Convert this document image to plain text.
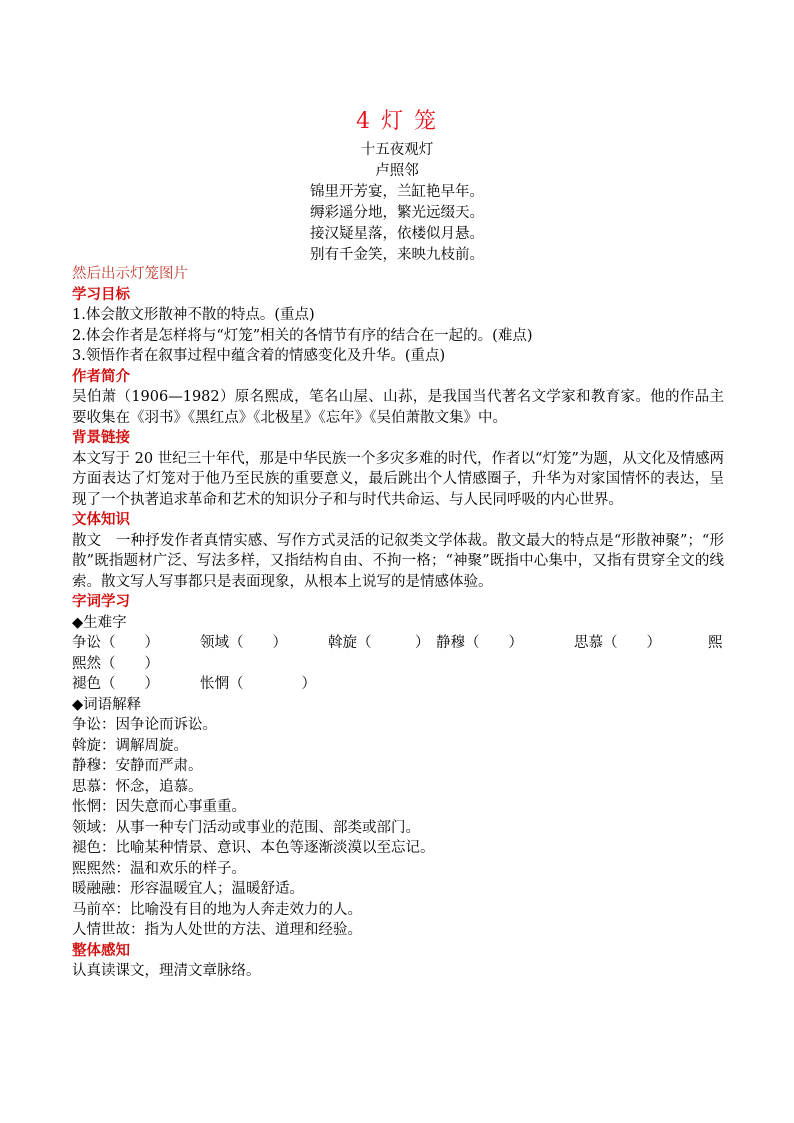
4 灯 笼
十五夜观灯
卢照邻
锦里开芳宴，兰缸艳早年。
缛彩遥分地，繁光远缀天。
接汉疑星落，依楼似月悬。
别有千金笑，来映九枝前。
然后出示灯笼图片
学习目标
1.体会散文形散神不散的特点。(重点)
2.体会作者是怎样将与“灯笼”相关的各情节有序的结合在一起的。(难点)
3.领悟作者在叙事过程中蕴含着的情感变化及升华。(重点)
作者简介
吴伯萧（1906—1982）原名熙成，笔名山屋、山荪，是我国当代著名文学家和教育家。他的作品主要收集在《羽书》《黑红点》《北极星》《忘年》《吴伯萧散文集》中。
背景链接
本文写于 20 世纪三十年代，那是中华民族一个多灾多难的时代，作者以“灯笼”为题，从文化及情感两方面表达了灯笼对于他乃至民族的重要意义，最后跳出个人情感圈子，升华为对家国情怀的表达，呈现了一个执著追求革命和艺术的知识分子和与时代共命运、与人民同呼吸的内心世界。
文体知识
散文　一种抒发作者真情实感、写作方式灵活的记叙类文学体裁。散文最大的特点是“形散神聚”；“形散”既指题材广泛、写法多样，又指结构自由、不拘一格；“神聚”既指中心集中，又指有贯穿全文的线索。散文写人写事都只是表面现象，从根本上说写的是情感体验。
字词学习
◆生难字
争讼（　　）	领域（　　）	斡旋（　　　） 静穆（　　）	思慕（　　）	熙
熙然（　　）
褪色（　　）	怅惘（　　　　）
◆词语解释
争讼：因争论而诉讼。
斡旋：调解周旋。
静穆：安静而严肃。
思慕：怀念，追慕。
怅惘：因失意而心事重重。
领域：从事一种专门活动或事业的范围、部类或部门。
褪色：比喻某种情景、意识、本色等逐渐淡漠以至忘记。
熙熙然：温和欢乐的样子。
暖融融：形容温暖宜人；温暖舒适。
马前卒：比喻没有目的地为人奔走效力的人。
人情世故：指为人处世的方法、道理和经验。
整体感知
认真读课文，理清文章脉络。
